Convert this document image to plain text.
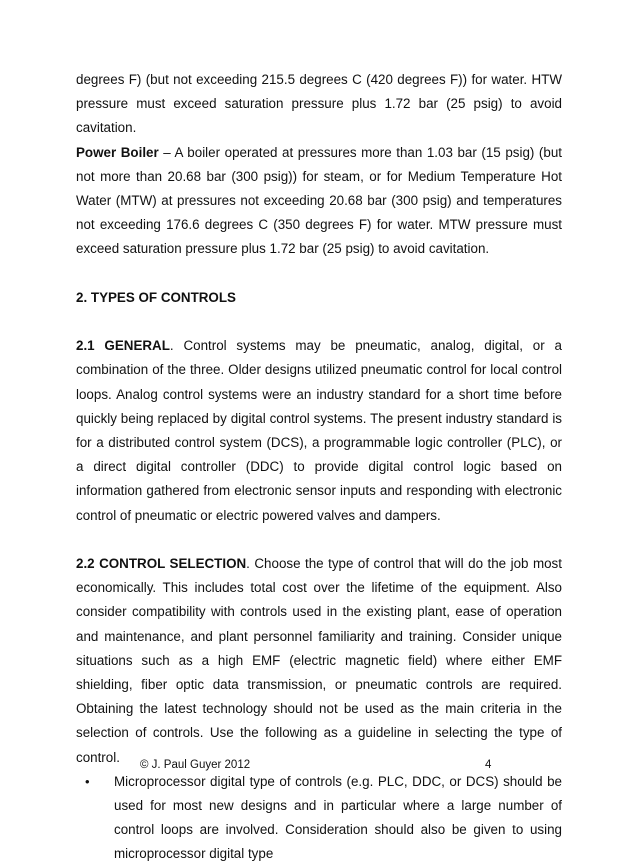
degrees F) (but not exceeding 215.5 degrees C (420 degrees F)) for water. HTW pressure must exceed saturation pressure plus 1.72 bar (25 psig) to avoid cavitation.

Power Boiler – A boiler operated at pressures more than 1.03 bar (15 psig) (but not more than 20.68 bar (300 psig)) for steam, or for Medium Temperature Hot Water (MTW) at pressures not exceeding 20.68 bar (300 psig) and temperatures not exceeding 176.6 degrees C (350 degrees F) for water. MTW pressure must exceed saturation pressure plus 1.72 bar (25 psig) to avoid cavitation.

2. TYPES OF CONTROLS

2.1 GENERAL. Control systems may be pneumatic, analog, digital, or a combination of the three. Older designs utilized pneumatic control for local control loops. Analog control systems were an industry standard for a short time before quickly being replaced by digital control systems. The present industry standard is for a distributed control system (DCS), a programmable logic controller (PLC), or a direct digital controller (DDC) to provide digital control logic based on information gathered from electronic sensor inputs and responding with electronic control of pneumatic or electric powered valves and dampers.

2.2 CONTROL SELECTION. Choose the type of control that will do the job most economically. This includes total cost over the lifetime of the equipment. Also consider compatibility with controls used in the existing plant, ease of operation and maintenance, and plant personnel familiarity and training. Consider unique situations such as a high EMF (electric magnetic field) where either EMF shielding, fiber optic data transmission, or pneumatic controls are required. Obtaining the latest technology should not be used as the main criteria in the selection of controls. Use the following as a guideline in selecting the type of control.

• Microprocessor digital type of controls (e.g. PLC, DDC, or DCS) should be used for most new designs and in particular where a large number of control loops are involved. Consideration should also be given to using microprocessor digital type
© J. Paul Guyer 2012	4
